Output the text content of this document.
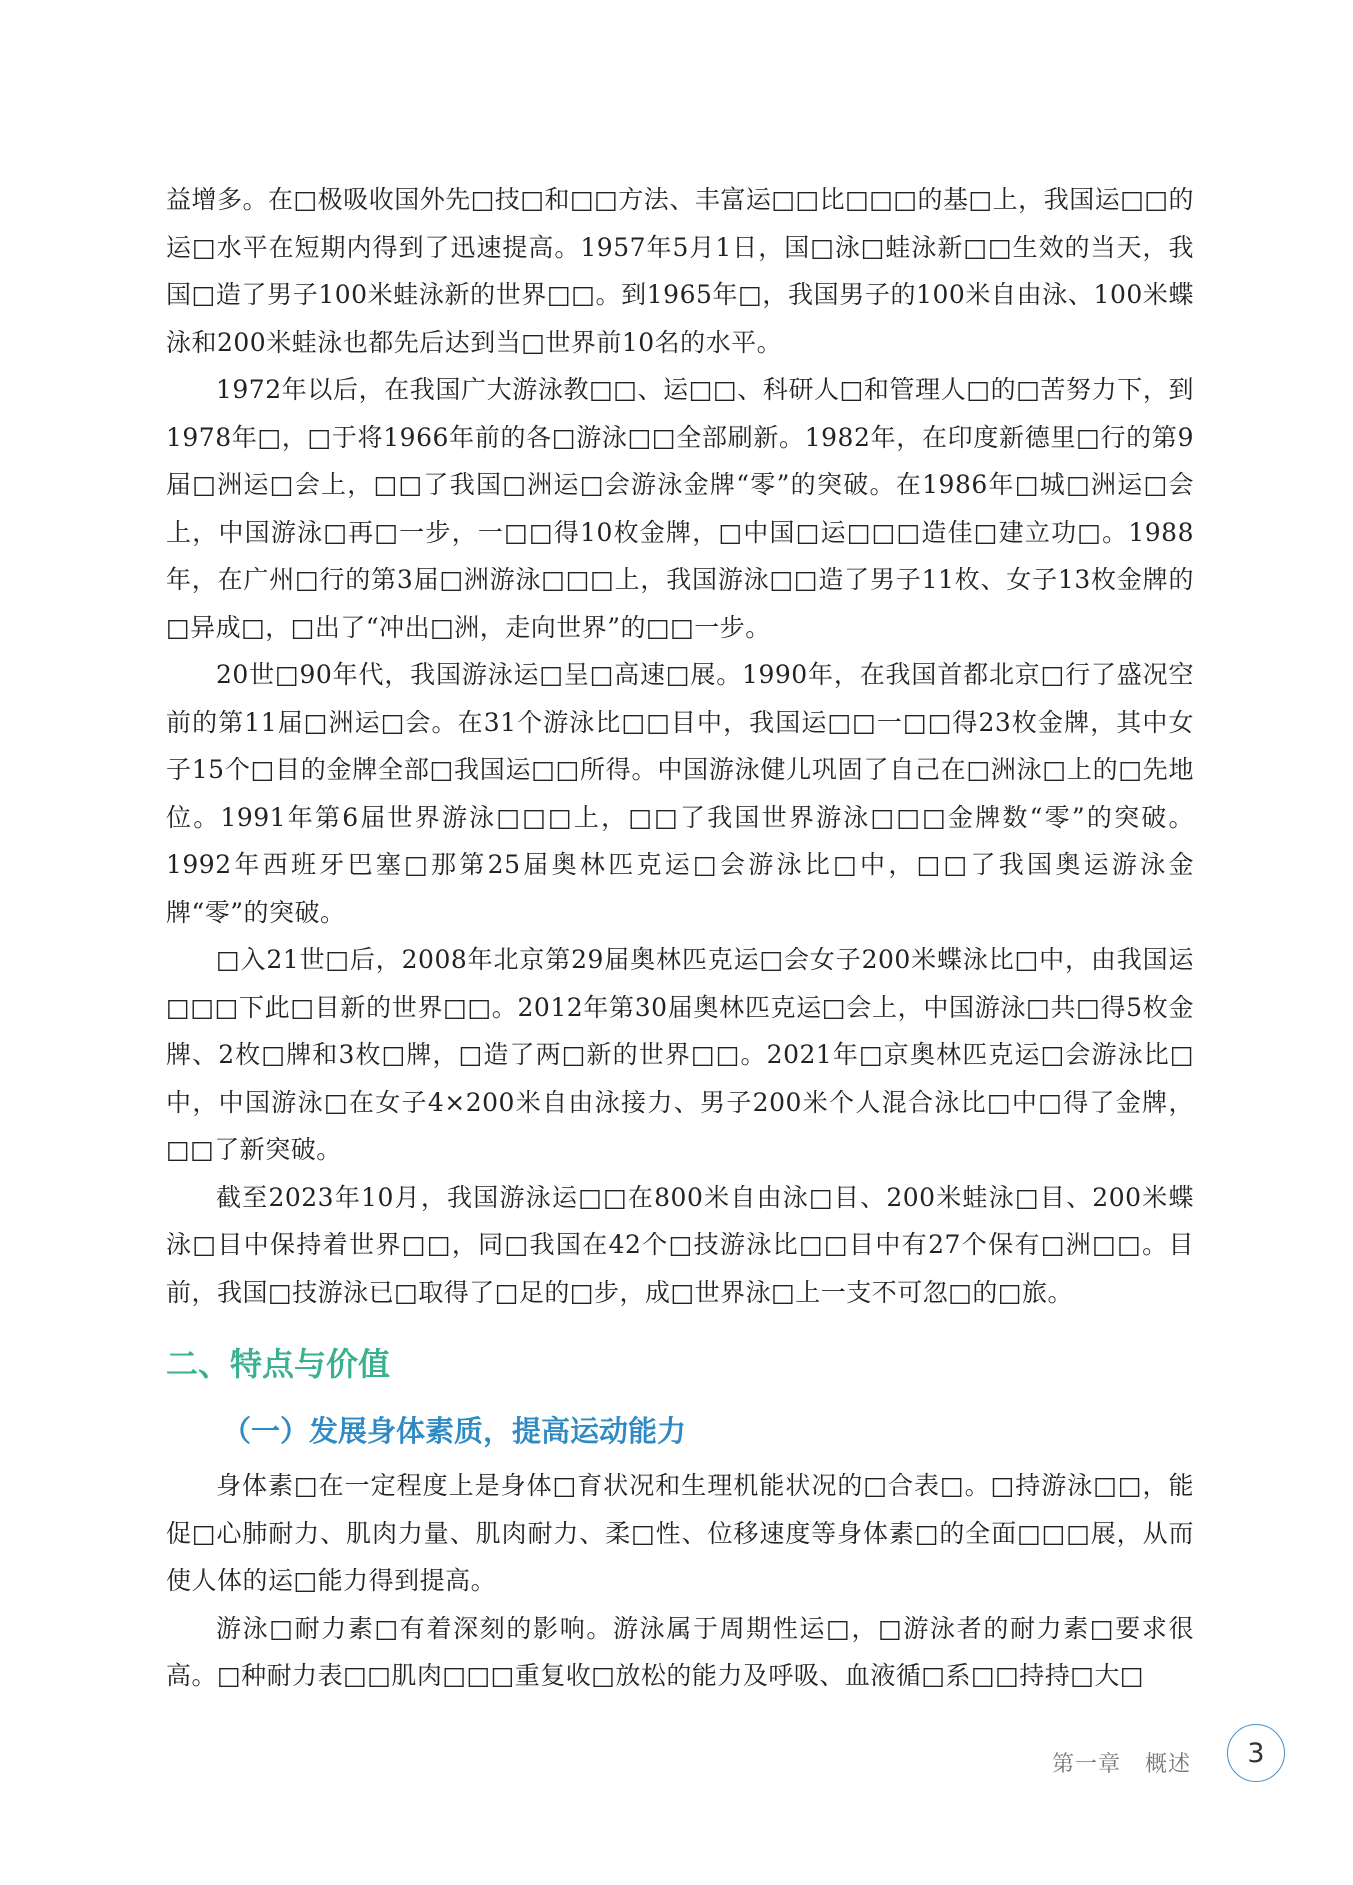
益增多。在□极吸收国外先□技□和□□方法、丰富运□□比□□□的基□上，我国运□□的运□水平在短期内得到了迅速提高。1957年5月1日，国□泳□蛙泳新□□生效的当天，我国□造了男子100米蛙泳新的世界□□。到1965年□，我国男子的100米自由泳、100米蝶泳和200米蛙泳也都先后达到当□世界前10名的水平。

1972年以后，在我国广大游泳教□□、运□□、科研人□和管理人□的□苦努力下，到1978年□，□于将1966年前的各□游泳□□全部刷新。1982年，在印度新德里□行的第9届□洲运□会上，□□了我国□洲运□会游泳金牌“零”的突破。在1986年□城□洲运□会上，中国游泳□再□一步，一□□得10枚金牌，□中国□运□□□造佳□建立功□。1988年，在广州□行的第3届□洲游泳□□□上，我国游泳□□造了男子11枚、女子13枚金牌的□异成□，□出了“冲出□洲，走向世界”的□□一步。

20世□90年代，我国游泳运□呈□高速□展。1990年，在我国首都北京□行了盛况空前的第11届□洲运□会。在31个游泳比□□目中，我国运□□一□□得23枚金牌，其中女子15个□目的金牌全部□我国运□□所得。中国游泳健儿巩固了自己在□洲泳□上的□先地位。1991年第6届世界游泳□□□上，□□了我国世界游泳□□□金牌数“零”的突破。1992年西班牙巴塞□那第25届奥林匹克运□会游泳比□中，□□了我国奥运游泳金牌“零”的突破。

□入21世□后，2008年北京第29届奥林匹克运□会女子200米蝶泳比□中，由我国运□□□下此□目新的世界□□。2012年第30届奥林匹克运□会上，中国游泳□共□得5枚金牌、2枚□牌和3枚□牌，□造了两□新的世界□□。2021年□京奥林匹克运□会游泳比□中，中国游泳□在女子4×200米自由泳接力、男子200米个人混合泳比□中□得了金牌，□□了新突破。

截至2023年10月，我国游泳运□□在800米自由泳□目、200米蛙泳□目、200米蝶泳□目中保持着世界□□，同□我国在42个□技游泳比□□目中有27个保有□洲□□。目前，我国□技游泳已□取得了□足的□步，成□世界泳□上一支不可忽□的□旅。

二、特点与价值
（一）发展身体素质，提高运动能力

身体素□在一定程度上是身体□育状况和生理机能状况的□合表□。□持游泳□□，能促□心肺耐力、肌肉力量、肌肉耐力、柔□性、位移速度等身体素□的全面□□□展，从而使人体的运□能力得到提高。

游泳□耐力素□有着深刻的影响。游泳属于周期性运□，□游泳者的耐力素□要求很高。□种耐力表□□肌肉□□□重复收□放松的能力及呼吸、血液循□系□□持持□大□

第一章 概述 3
